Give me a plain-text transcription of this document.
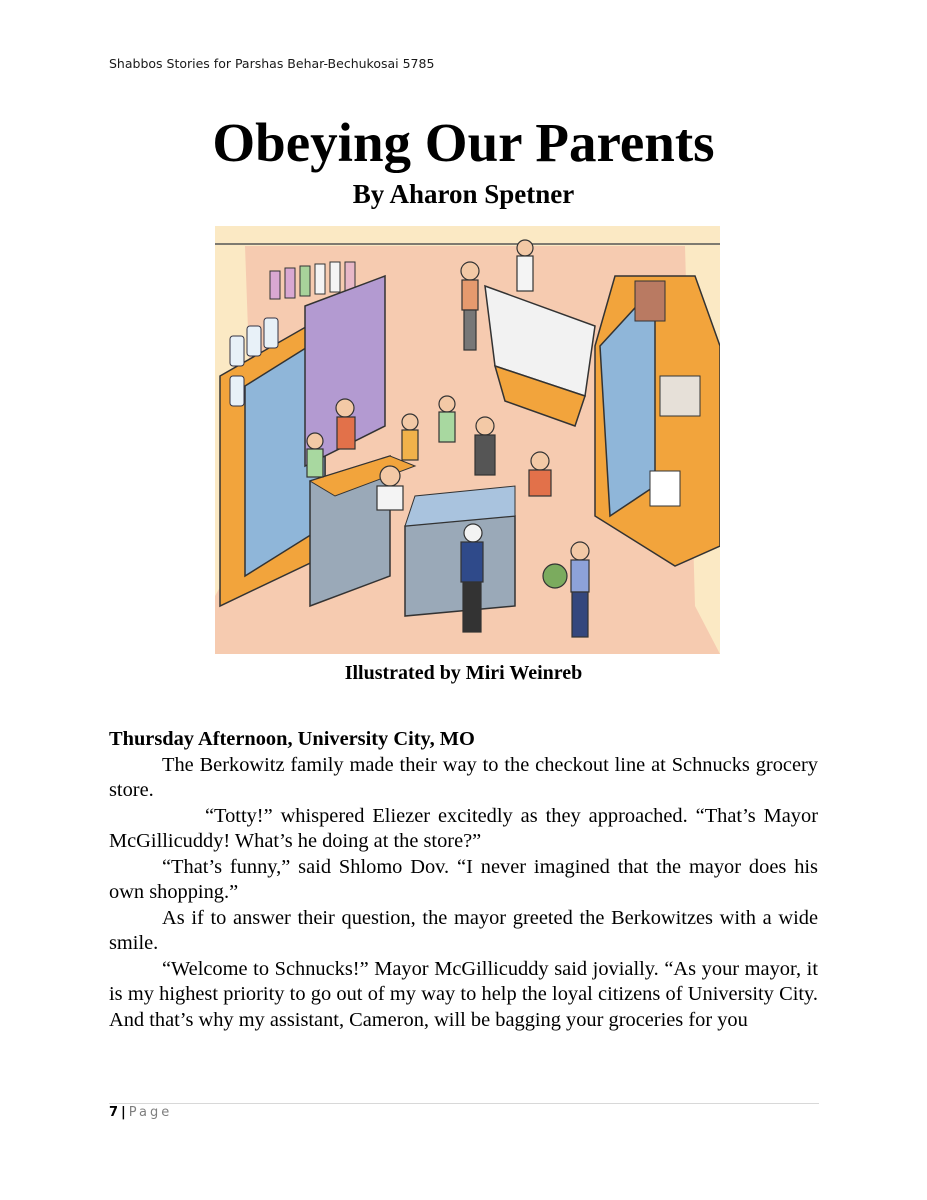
Shabbos Stories for Parshas Behar-Bechukosai 5785
Obeying Our Parents
By Aharon Spetner
Illustrated by Miri Weinreb
Thursday Afternoon, University City, MO

The Berkowitz family made their way to the checkout line at Schnucks grocery store.

“Totty!” whispered Eliezer excitedly as they approached. “That’s Mayor McGillicuddy! What’s he doing at the store?”

“That’s funny,” said Shlomo Dov. “I never imagined that the mayor does his own shopping.”

As if to answer their question, the mayor greeted the Berkowitzes with a wide smile.

“Welcome to Schnucks!” Mayor McGillicuddy said jovially. “As your mayor, it is my highest priority to go out of my way to help the loyal citizens of University City. And that’s why my assistant, Cameron, will be bagging your groceries for you

7 | Page
